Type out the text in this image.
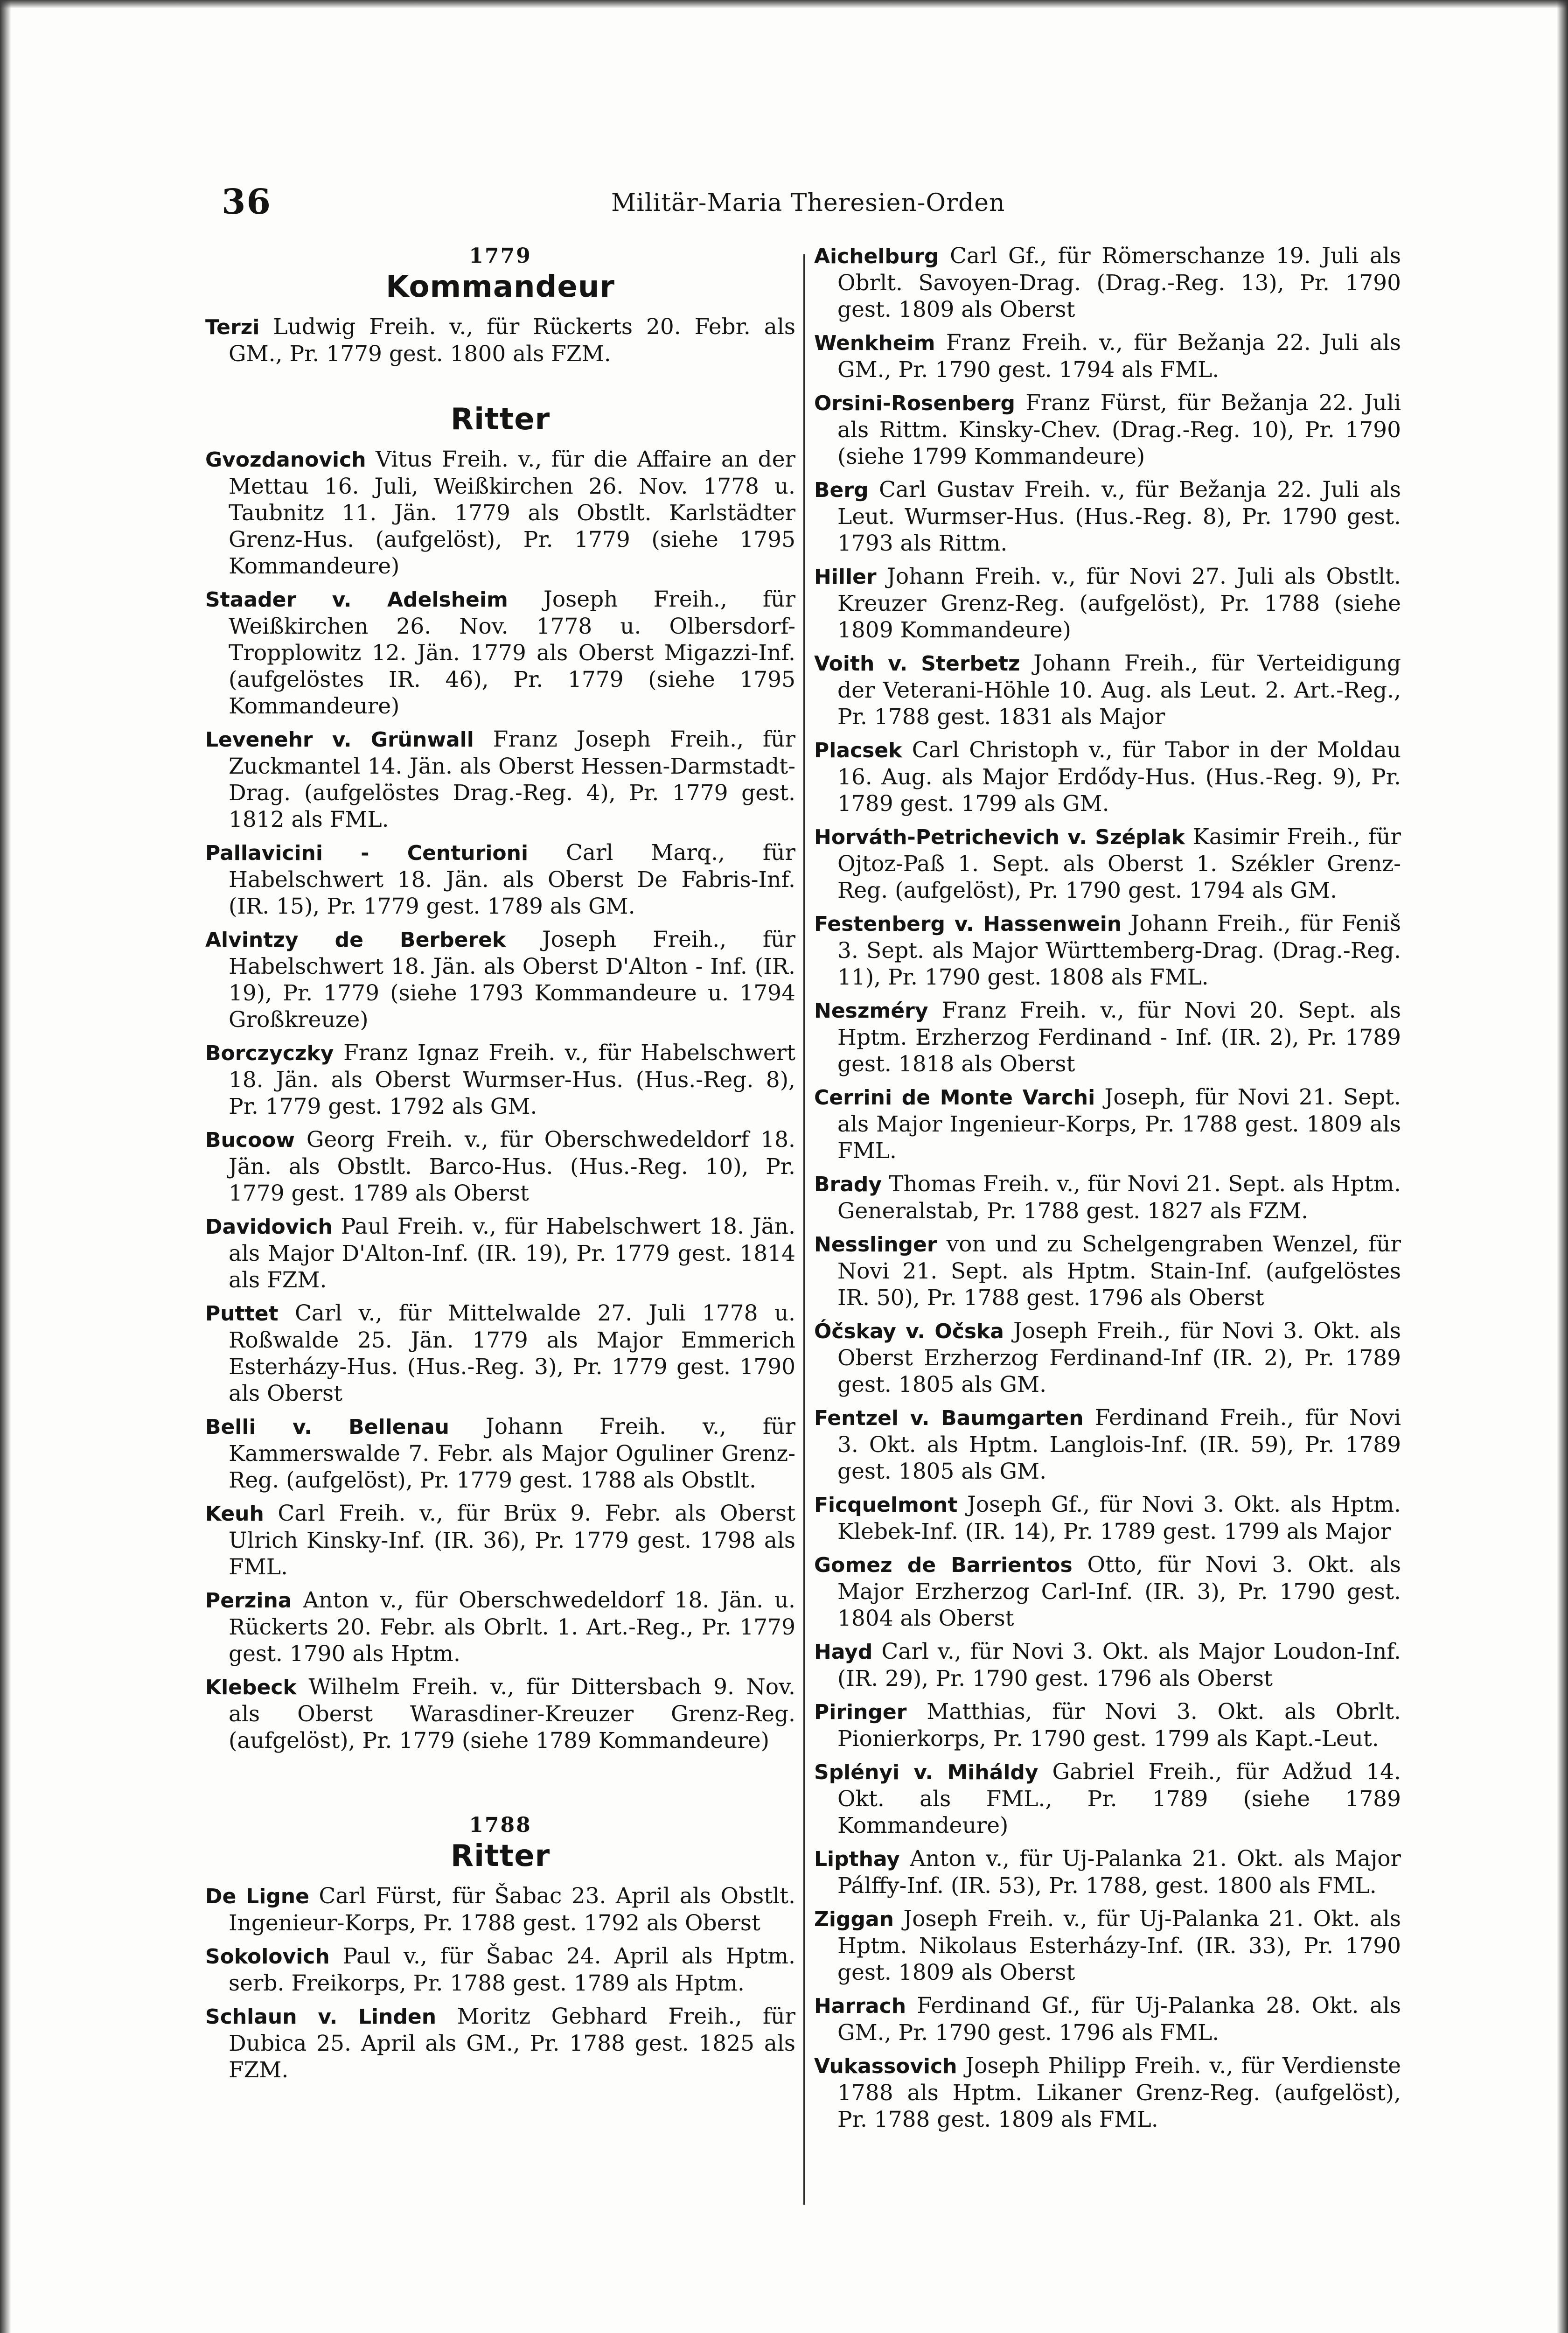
36	Militär-Maria Theresien-Orden
1779
Kommandeur

Terzi Ludwig Freih. v., für Rückerts 20. Febr. als GM., Pr. 1779 gest. 1800 als FZM.

Ritter

Gvozdanovich Vitus Freih. v., für die Affaire an der Mettau 16. Juli, Weißkirchen 26. Nov. 1778 u. Taubnitz 11. Jän. 1779 als Obstlt. Karlstädter Grenz-Hus. (aufgelöst), Pr. 1779 (siehe 1795 Kommandeure)

Staader v. Adelsheim Joseph Freih., für Weißkirchen 26. Nov. 1778 u. Olbersdorf-Tropplowitz 12. Jän. 1779 als Oberst Migazzi-Inf. (aufgelöstes IR. 46), Pr. 1779 (siehe 1795 Kommandeure)

Levenehr v. Grünwall Franz Joseph Freih., für Zuckmantel 14. Jän. als Oberst Hessen-Darmstadt-Drag. (aufgelöstes Drag.-Reg. 4), Pr. 1779 gest. 1812 als FML.

Pallavicini - Centurioni Carl Marq., für Habelschwert 18. Jän. als Oberst De Fabris-Inf. (IR. 15), Pr. 1779 gest. 1789 als GM.

Alvintzy de Berberek Joseph Freih., für Habelschwert 18. Jän. als Oberst D'Alton - Inf. (IR. 19), Pr. 1779 (siehe 1793 Kommandeure u. 1794 Großkreuze)

Borczyczky Franz Ignaz Freih. v., für Habelschwert 18. Jän. als Oberst Wurmser-Hus. (Hus.-Reg. 8), Pr. 1779 gest. 1792 als GM.

Bucoow Georg Freih. v., für Oberschwedeldorf 18. Jän. als Obstlt. Barco-Hus. (Hus.-Reg. 10), Pr. 1779 gest. 1789 als Oberst

Davidovich Paul Freih. v., für Habelschwert 18. Jän. als Major D'Alton-Inf. (IR. 19), Pr. 1779 gest. 1814 als FZM.

Puttet Carl v., für Mittelwalde 27. Juli 1778 u. Roßwalde 25. Jän. 1779 als Major Emmerich Esterházy-Hus. (Hus.-Reg. 3), Pr. 1779 gest. 1790 als Oberst

Belli v. Bellenau Johann Freih. v., für Kammerswalde 7. Febr. als Major Oguliner Grenz-Reg. (aufgelöst), Pr. 1779 gest. 1788 als Obstlt.

Keuh Carl Freih. v., für Brüx 9. Febr. als Oberst Ulrich Kinsky-Inf. (IR. 36), Pr. 1779 gest. 1798 als FML.

Perzina Anton v., für Oberschwedeldorf 18. Jän. u. Rückerts 20. Febr. als Obrlt. 1. Art.-Reg., Pr. 1779 gest. 1790 als Hptm.

Klebeck Wilhelm Freih. v., für Dittersbach 9. Nov. als Oberst Warasdiner-Kreuzer Grenz-Reg. (aufgelöst), Pr. 1779 (siehe 1789 Kommandeure)

1788
Ritter

De Ligne Carl Fürst, für Šabac 23. April als Obstlt. Ingenieur-Korps, Pr. 1788 gest. 1792 als Oberst

Sokolovich Paul v., für Šabac 24. April als Hptm. serb. Freikorps, Pr. 1788 gest. 1789 als Hptm.

Schlaun v. Linden Moritz Gebhard Freih., für Dubica 25. April als GM., Pr. 1788 gest. 1825 als FZM.

Aichelburg Carl Gf., für Römerschanze 19. Juli als Obrlt. Savoyen-Drag. (Drag.-Reg. 13), Pr. 1790 gest. 1809 als Oberst

Wenkheim Franz Freih. v., für Bežanja 22. Juli als GM., Pr. 1790 gest. 1794 als FML.

Orsini-Rosenberg Franz Fürst, für Bežanja 22. Juli als Rittm. Kinsky-Chev. (Drag.-Reg. 10), Pr. 1790 (siehe 1799 Kommandeure)

Berg Carl Gustav Freih. v., für Bežanja 22. Juli als Leut. Wurmser-Hus. (Hus.-Reg. 8), Pr. 1790 gest. 1793 als Rittm.

Hiller Johann Freih. v., für Novi 27. Juli als Obstlt. Kreuzer Grenz-Reg. (aufgelöst), Pr. 1788 (siehe 1809 Kommandeure)

Voith v. Sterbetz Johann Freih., für Verteidigung der Veterani-Höhle 10. Aug. als Leut. 2. Art.-Reg., Pr. 1788 gest. 1831 als Major

Placsek Carl Christoph v., für Tabor in der Moldau 16. Aug. als Major Erdődy-Hus. (Hus.-Reg. 9), Pr. 1789 gest. 1799 als GM.

Horváth-Petrichevich v. Széplak Kasimir Freih., für Ojtoz-Paß 1. Sept. als Oberst 1. Székler Grenz-Reg. (aufgelöst), Pr. 1790 gest. 1794 als GM.

Festenberg v. Hassenwein Johann Freih., für Feniš 3. Sept. als Major Württemberg-Drag. (Drag.-Reg. 11), Pr. 1790 gest. 1808 als FML.

Neszméry Franz Freih. v., für Novi 20. Sept. als Hptm. Erzherzog Ferdinand - Inf. (IR. 2), Pr. 1789 gest. 1818 als Oberst

Cerrini de Monte Varchi Joseph, für Novi 21. Sept. als Major Ingenieur-Korps, Pr. 1788 gest. 1809 als FML.

Brady Thomas Freih. v., für Novi 21. Sept. als Hptm. Generalstab, Pr. 1788 gest. 1827 als FZM.

Nesslinger von und zu Schelgengraben Wenzel, für Novi 21. Sept. als Hptm. Stain-Inf. (aufgelöstes IR. 50), Pr. 1788 gest. 1796 als Oberst

Óčskay v. Očska Joseph Freih., für Novi 3. Okt. als Oberst Erzherzog Ferdinand-Inf (IR. 2), Pr. 1789 gest. 1805 als GM.

Fentzel v. Baumgarten Ferdinand Freih., für Novi 3. Okt. als Hptm. Langlois-Inf. (IR. 59), Pr. 1789 gest. 1805 als GM.

Ficquelmont Joseph Gf., für Novi 3. Okt. als Hptm. Klebek-Inf. (IR. 14), Pr. 1789 gest. 1799 als Major

Gomez de Barrientos Otto, für Novi 3. Okt. als Major Erzherzog Carl-Inf. (IR. 3), Pr. 1790 gest. 1804 als Oberst

Hayd Carl v., für Novi 3. Okt. als Major Loudon-Inf. (IR. 29), Pr. 1790 gest. 1796 als Oberst

Piringer Matthias, für Novi 3. Okt. als Obrlt. Pionierkorps, Pr. 1790 gest. 1799 als Kapt.-Leut.

Splényi v. Miháldy Gabriel Freih., für Adžud 14. Okt. als FML., Pr. 1789 (siehe 1789 Kommandeure)

Lipthay Anton v., für Uj-Palanka 21. Okt. als Major Pálffy-Inf. (IR. 53), Pr. 1788, gest. 1800 als FML.

Ziggan Joseph Freih. v., für Uj-Palanka 21. Okt. als Hptm. Nikolaus Esterházy-Inf. (IR. 33), Pr. 1790 gest. 1809 als Oberst

Harrach Ferdinand Gf., für Uj-Palanka 28. Okt. als GM., Pr. 1790 gest. 1796 als FML.

Vukassovich Joseph Philipp Freih. v., für Verdienste 1788 als Hptm. Likaner Grenz-Reg. (aufgelöst), Pr. 1788 gest. 1809 als FML.
